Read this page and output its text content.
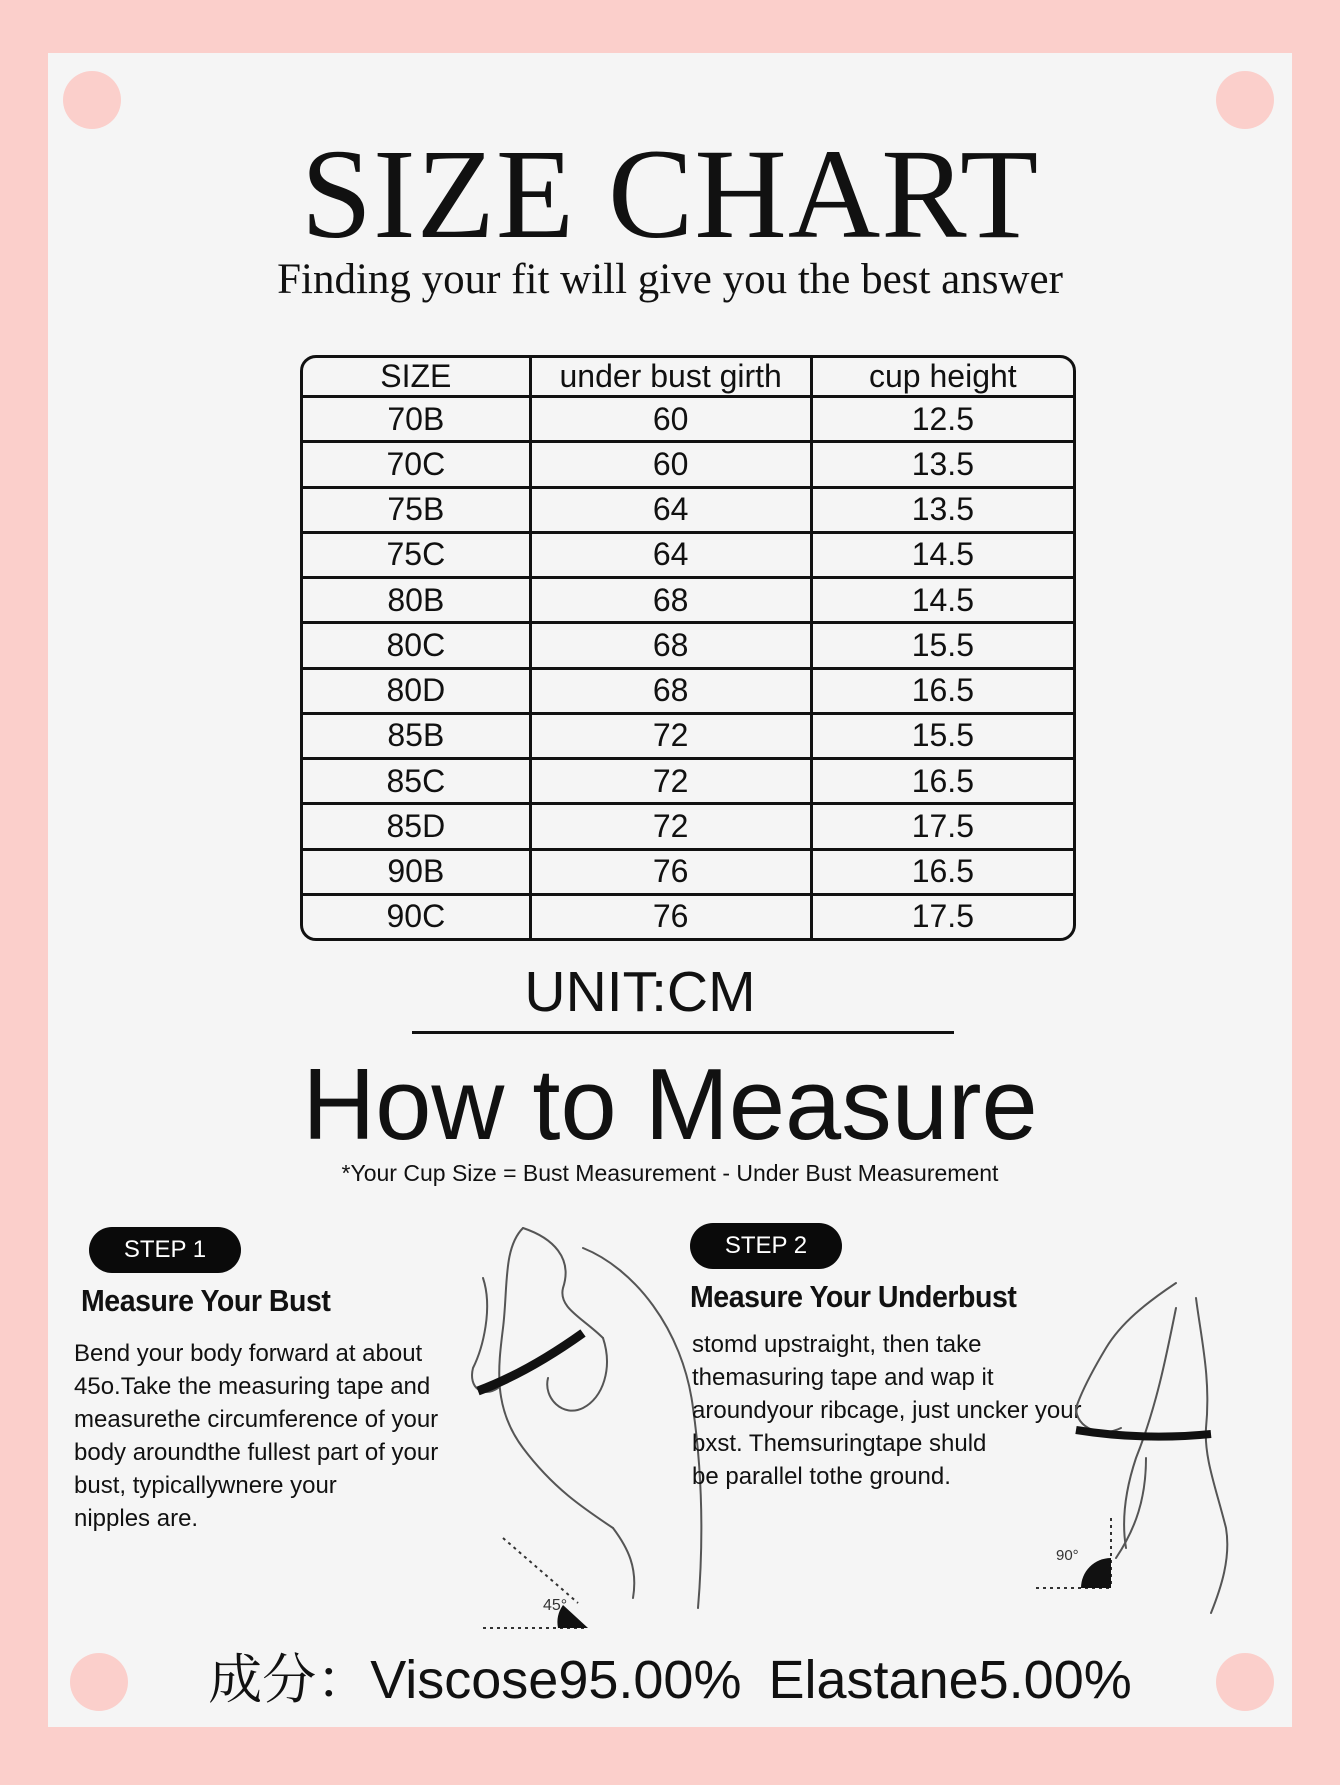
SIZE CHART
Finding your fit will give you the best answer
SIZE	under bust girth	cup height
70B	60	12.5
70C	60	13.5
75B	64	13.5
75C	64	14.5
80B	68	14.5
80C	68	15.5
80D	68	16.5
85B	72	15.5
85C	72	16.5
85D	72	17.5
90B	76	16.5
90C	76	17.5
UNIT:CM
How to Measure
*Your Cup Size = Bust Measurement - Under Bust Measurement
STEP 1
Measure Your Bust
Bend your body forward at about
45o.Take the measuring tape and
measurethe circumference of your
body aroundthe fullest part of your
bust, typicallywnere your
nipples are.
45°
STEP 2
Measure Your Underbust
stomd upstraight, then take
themasuring tape and wap it
aroundyour ribcage, just uncker your
bxst. Themsuringtape shuld
be parallel tothe ground.
90°
成分：Viscose95.00% Elastane5.00%
